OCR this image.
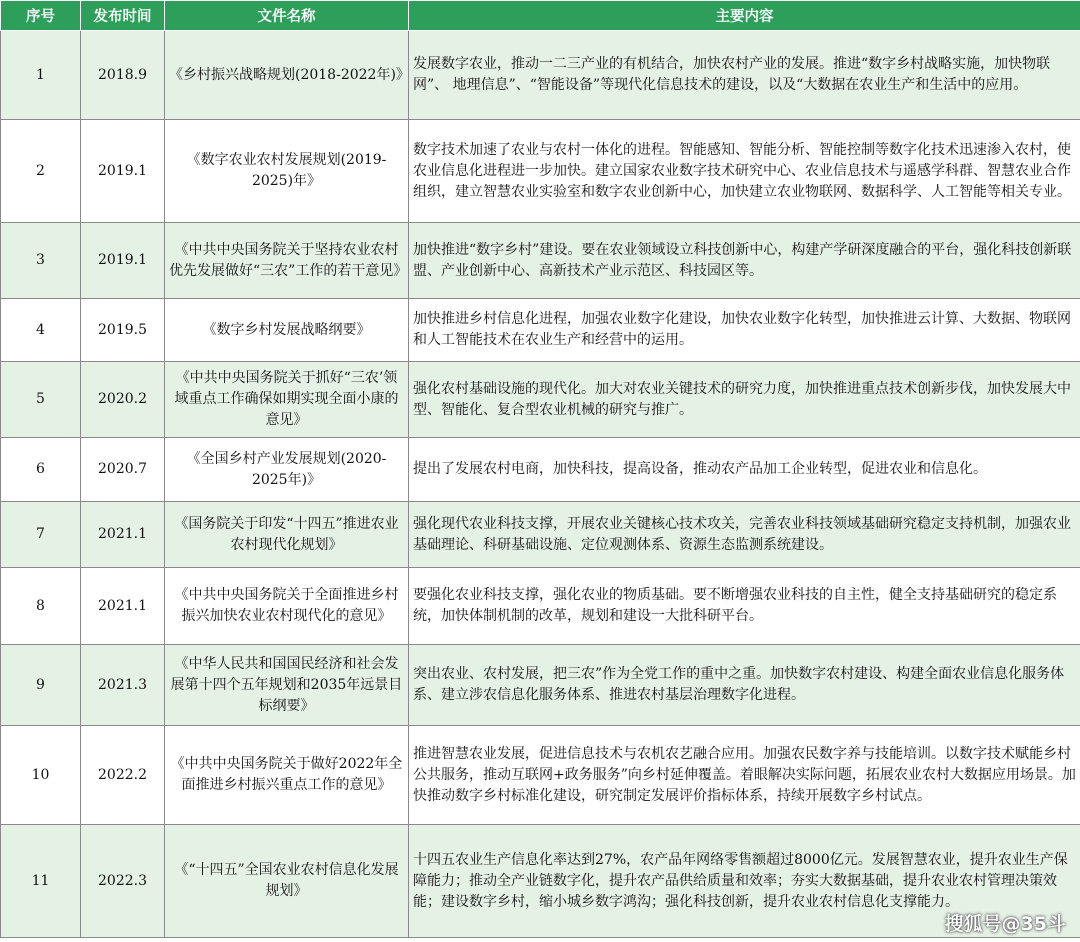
序号	发布时间	文件名称	主要内容
1	2018.9	《乡村振兴战略规划(2018-2022年)》	发展数字农业，推动一二三产业的有机结合，加快农村产业的发展。推进“数字乡村战略实施，加快物联网”、 地理信息”、“智能设备”等现代化信息技术的建设，以及“大数据在农业生产和生活中的应用。
2	2019.1	《数字农业农村发展规划(2019-2025)年》	数字技术加速了农业与农村一体化的进程。智能感知、智能分析、智能控制等数字化技术迅速渗入农村，使农业信息化进程进一步加快。建立国家农业数字技术研究中心、农业信息技术与遥感学科群、智慧农业合作组织，建立智慧农业实验室和数字农业创新中心，加快建立农业物联网、数据科学、人工智能等相关专业。
3	2019.1	《中共中央国务院关于坚持农业农村优先发展做好“三农”工作的若干意见》	加快推进“数字乡村”建设。要在农业领域设立科技创新中心，构建产学研深度融合的平台，强化科技创新联盟、产业创新中心、高新技术产业示范区、科技园区等。
4	2019.5	《数字乡村发展战略纲要》	加快推进乡村信息化进程，加强农业数字化建设，加快农业数字化转型，加快推进云计算、大数据、物联网和人工智能技术在农业生产和经营中的运用。
5	2020.2	《中共中央国务院关于抓好“三农’领域重点工作确保如期实现全面小康的意见》	强化农村基础设施的现代化。加大对农业关键技术的研究力度，加快推进重点技术创新步伐，加快发展大中型、智能化、复合型农业机械的研究与推广。
6	2020.7	《全国乡村产业发展规划(2020-2025年)》	提出了发展农村电商，加快科技，提高设备，推动农产品加工企业转型，促进农业和信息化。
7	2021.1	《国务院关于印发“十四五”推进农业农村现代化规划》	强化现代农业科技支撑，开展农业关键核心技术攻关，完善农业科技领域基础研究稳定支持机制，加强农业基础理论、科研基础设施、定位观测体系、资源生态监测系统建设。
8	2021.1	《中共中央国务院关于全面推进乡村振兴加快农业农村现代化的意见》	要强化农业科技支撑，强化农业的物质基础。要不断增强农业科技的自主性，健全支持基础研究的稳定系统，加快体制机制的改革，规划和建设一大批科研平台。
9	2021.3	《中华人民共和国国民经济和社会发展第十四个五年规划和2035年远景目标纲要》	突出农业、农村发展，把三农”作为全党工作的重中之重。加快数字农村建设、构建全面农业信息化服务体系、建立涉农信息化服务体系、推进农村基层治理数字化进程。
10	2022.2	《中共中央国务院关于做好2022年全面推进乡村振兴重点工作的意见》	推进智慧农业发展，促进信息技术与农机农艺融合应用。加强农民数字养与技能培训。以数字技术赋能乡村公共服务，推动互联网+政务服务”向乡村延伸覆盖。着眼解决实际问题，拓展农业农村大数据应用场景。加快推动数字乡村标准化建设，研究制定发展评价指标体系，持续开展数字乡村试点。
11	2022.3	《“十四五”全国农业农村信息化发展规划》	十四五农业生产信息化率达到27%，农产品年网络零售额超过8000亿元。发展智慧农业，提升农业生产保障能力；推动全产业链数字化，提升农产品供给质量和效率；夯实大数据基础，提升农业农村管理决策效能；建设数字乡村，缩小城乡数字鸿沟；强化科技创新，提升农业农村信息化支撑能力。
搜狐号@35斗
